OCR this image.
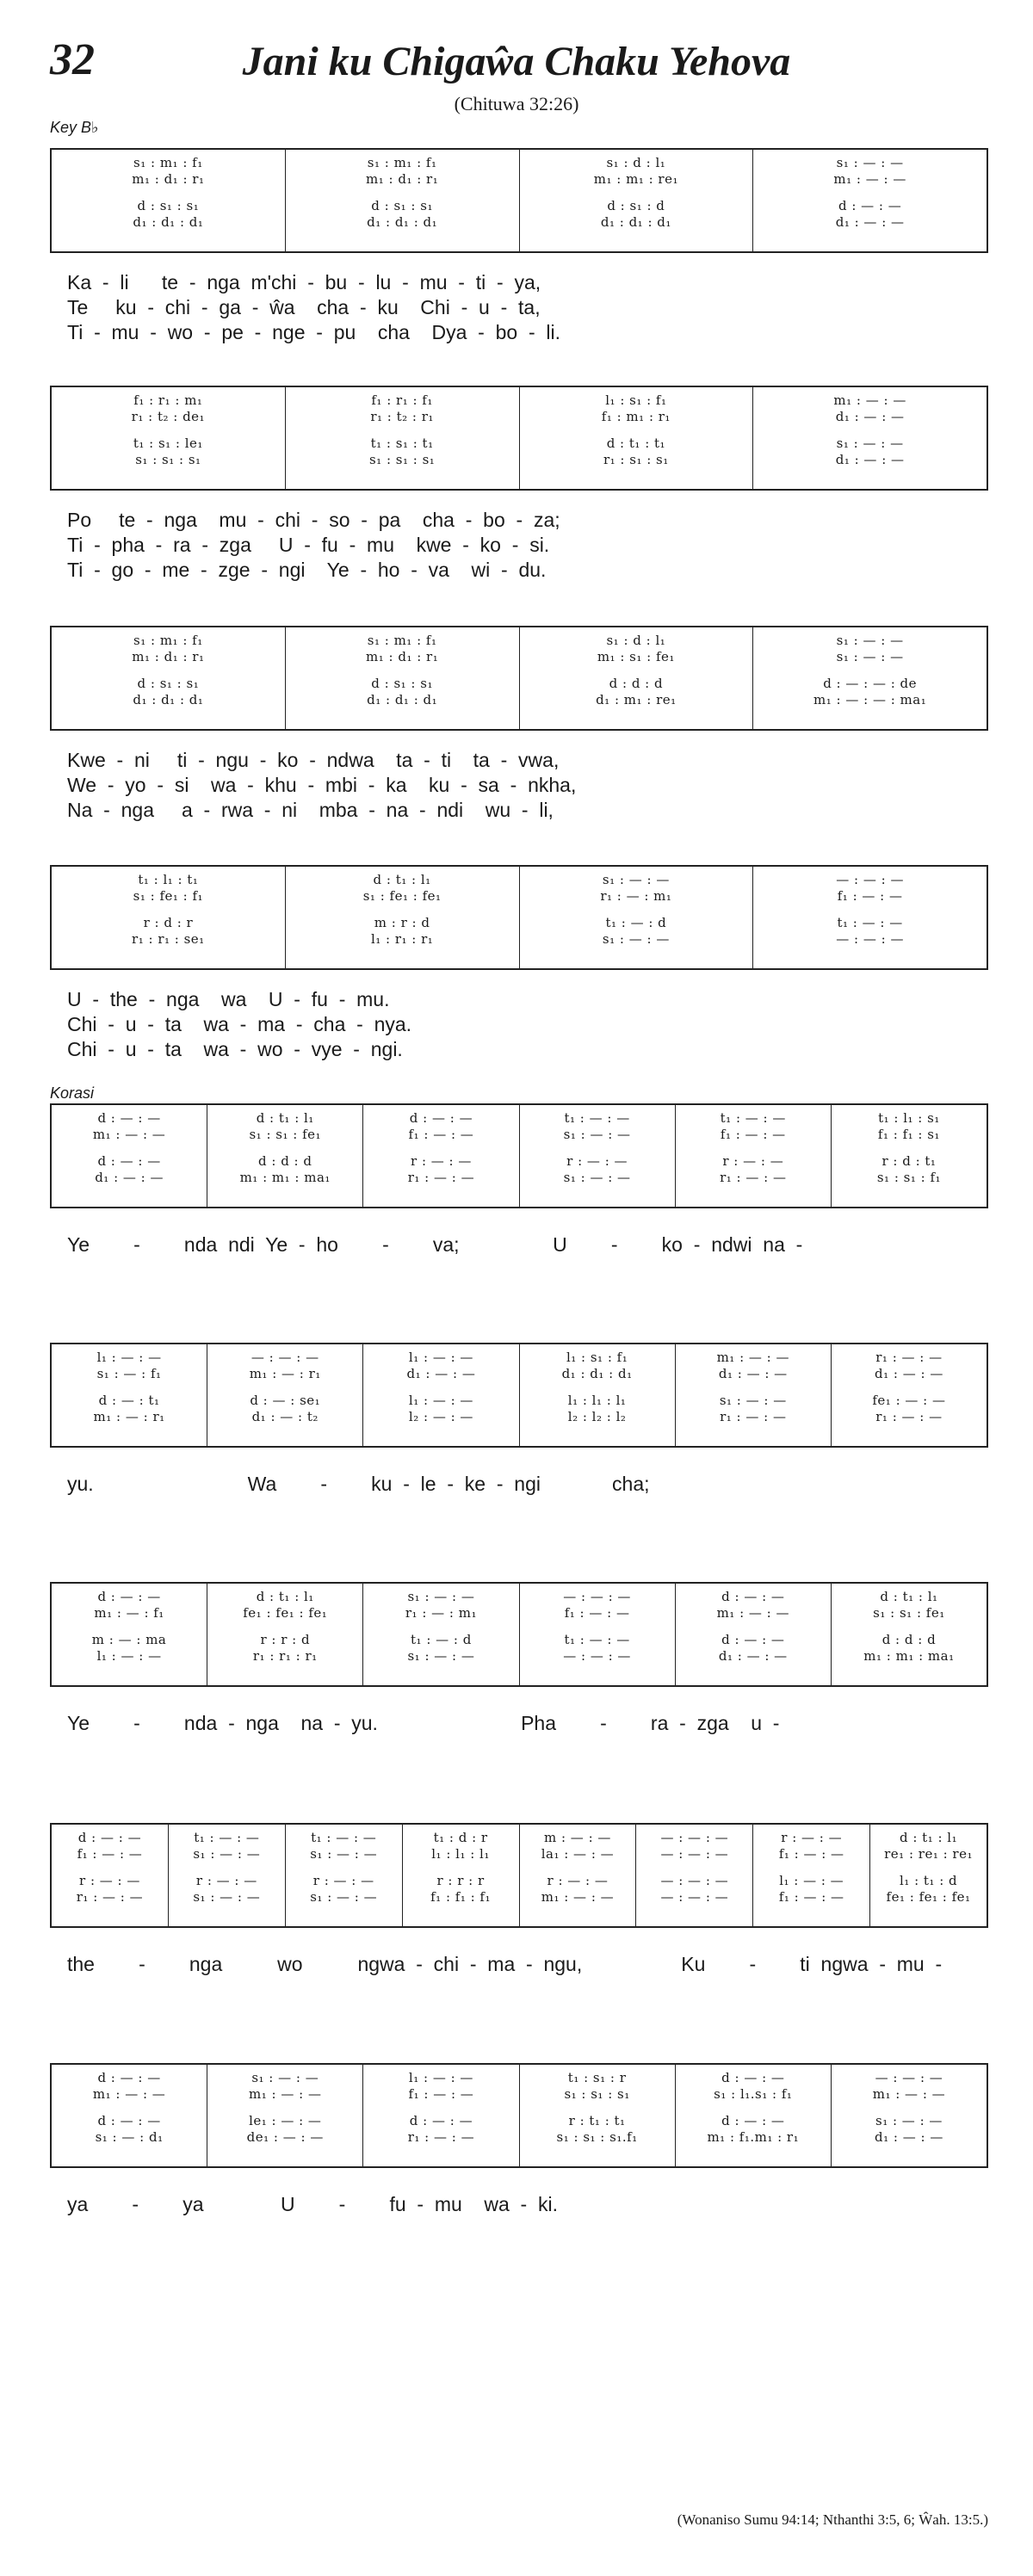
32	Jani ku Chigaŵa Chaku Yehova
(Chituwa 32:26)
Key B♭
Korasi
s₁ : m₁ : f₁
m₁ : d₁ : r₁
d : s₁ : s₁
d₁ : d₁ : d₁
s₁ : m₁ : f₁
m₁ : d₁ : r₁
d : s₁ : s₁
d₁ : d₁ : d₁
s₁ : d : l₁
m₁ : m₁ : re₁
d : s₁ : d
d₁ : d₁ : d₁
s₁ : — : —
m₁ : — : —
d : — : —
d₁ : — : —
Ka  -  li      te  -  nga  m'chi  -  bu  -  lu  -  mu  -  ti  -  ya,
Te     ku  -  chi  -  ga  -  ŵa    cha  -  ku    Chi  -  u  -  ta,
Ti  -  mu  -  wo  -  pe  -  nge  -  pu    cha    Dya  -  bo  -  li.
f₁ : r₁ : m₁
r₁ : t₂ : de₁
t₁ : s₁ : le₁
s₁ : s₁ : s₁
f₁ : r₁ : f₁
r₁ : t₂ : r₁
t₁ : s₁ : t₁
s₁ : s₁ : s₁
l₁ : s₁ : f₁
f₁ : m₁ : r₁
d : t₁ : t₁
r₁ : s₁ : s₁
m₁ : — : —
d₁ : — : —
s₁ : — : —
d₁ : — : —
Po     te  -  nga    mu  -  chi  -  so  -  pa    cha  -  bo  -  za;
Ti  -  pha  -  ra  -  zga     U  -  fu  -  mu    kwe  -  ko  -  si.
Ti  -  go  -  me  -  zge  -  ngi    Ye  -  ho  -  va    wi  -  du.
s₁ : m₁ : f₁
m₁ : d₁ : r₁
d : s₁ : s₁
d₁ : d₁ : d₁
s₁ : m₁ : f₁
m₁ : d₁ : r₁
d : s₁ : s₁
d₁ : d₁ : d₁
s₁ : d : l₁
m₁ : s₁ : fe₁
d : d : d
d₁ : m₁ : re₁
s₁ : — : —
s₁ : — : —
d : — : — : de
m₁ : — : — : ma₁
Kwe  -  ni     ti  -  ngu  -  ko  -  ndwa    ta  -  ti    ta  -  vwa,
We  -  yo  -  si    wa  -  khu  -  mbi  -  ka    ku  -  sa  -  nkha,
Na  -  nga     a  -  rwa  -  ni    mba  -  na  -  ndi    wu  -  li,
t₁ : l₁ : t₁
s₁ : fe₁ : f₁
r : d : r
r₁ : r₁ : se₁
d : t₁ : l₁
s₁ : fe₁ : fe₁
m : r : d
l₁ : r₁ : r₁
s₁ : — : —
r₁ : — : m₁
t₁ : — : d
s₁ : — : —
— : — : —
f₁ : — : —
t₁ : — : —
— : — : —
U  -  the  -  nga    wa    U  -  fu  -  mu.
Chi  -  u  -  ta    wa  -  ma  -  cha  -  nya.
Chi  -  u  -  ta    wa  -  wo  -  vye  -  ngi.
d : — : —
m₁ : — : —
d : — : —
d₁ : — : —
d : t₁ : l₁
s₁ : s₁ : fe₁
d : d : d
m₁ : m₁ : ma₁
d : — : —
f₁ : — : —
r : — : —
r₁ : — : —
t₁ : — : —
s₁ : — : —
r : — : —
s₁ : — : —
t₁ : — : —
f₁ : — : —
r : — : —
r₁ : — : —
t₁ : l₁ : s₁
f₁ : f₁ : s₁
r : d : t₁
s₁ : s₁ : f₁
Ye        -        nda  ndi  Ye  -  ho        -        va;                 U        -        ko  -  ndwi  na  -
l₁ : — : —
s₁ : — : f₁
d : — : t₁
m₁ : — : r₁
— : — : —
m₁ : — : r₁
d : — : se₁
d₁ : — : t₂
l₁ : — : —
d₁ : — : —
l₁ : — : —
l₂ : — : —
l₁ : s₁ : f₁
d₁ : d₁ : d₁
l₁ : l₁ : l₁
l₂ : l₂ : l₂
m₁ : — : —
d₁ : — : —
s₁ : — : —
r₁ : — : —
r₁ : — : —
d₁ : — : —
fe₁ : — : —
r₁ : — : —
yu.                            Wa        -        ku  -  le  -  ke  -  ngi             cha;
d : — : —
m₁ : — : f₁
m : — : ma
l₁ : — : —
d : t₁ : l₁
fe₁ : fe₁ : fe₁
r : r : d
r₁ : r₁ : r₁
s₁ : — : —
r₁ : — : m₁
t₁ : — : d
s₁ : — : —
— : — : —
f₁ : — : —
t₁ : — : —
— : — : —
d : — : —
m₁ : — : —
d : — : —
d₁ : — : —
d : t₁ : l₁
s₁ : s₁ : fe₁
d : d : d
m₁ : m₁ : ma₁
Ye        -        nda  -  nga    na  -  yu.                          Pha        -        ra  -  zga    u  -
d : — : —
f₁ : — : —
r : — : —
r₁ : — : —
t₁ : — : —
s₁ : — : —
r : — : —
s₁ : — : —
t₁ : — : —
s₁ : — : —
r : — : —
s₁ : — : —
t₁ : d : r
l₁ : l₁ : l₁
r : r : r
f₁ : f₁ : f₁
m : — : —
la₁ : — : —
r : — : —
m₁ : — : —
— : — : —
— : — : —
— : — : —
— : — : —
r : — : —
f₁ : — : —
l₁ : — : —
f₁ : — : —
d : t₁ : l₁
re₁ : re₁ : re₁
l₁ : t₁ : d
fe₁ : fe₁ : fe₁
the        -        nga          wo          ngwa  -  chi  -  ma  -  ngu,                  Ku        -        ti  ngwa  -  mu  -
d : — : —
m₁ : — : —
d : — : —
s₁ : — : d₁
s₁ : — : —
m₁ : — : —
le₁ : — : —
de₁ : — : —
l₁ : — : —
f₁ : — : —
d : — : —
r₁ : — : —
t₁ : s₁ : r
s₁ : s₁ : s₁
r : t₁ : t₁
s₁ : s₁ : s₁.f₁
d : — : —
s₁ : l₁.s₁ : f₁
d : — : —
m₁ : f₁.m₁ : r₁
— : — : —
m₁ : — : —
s₁ : — : —
d₁ : — : —
ya        -        ya              U        -        fu  -  mu    wa  -  ki.
(Wonaniso Sumu 94:14; Nthanthi 3:5, 6; Ŵah. 13:5.)
